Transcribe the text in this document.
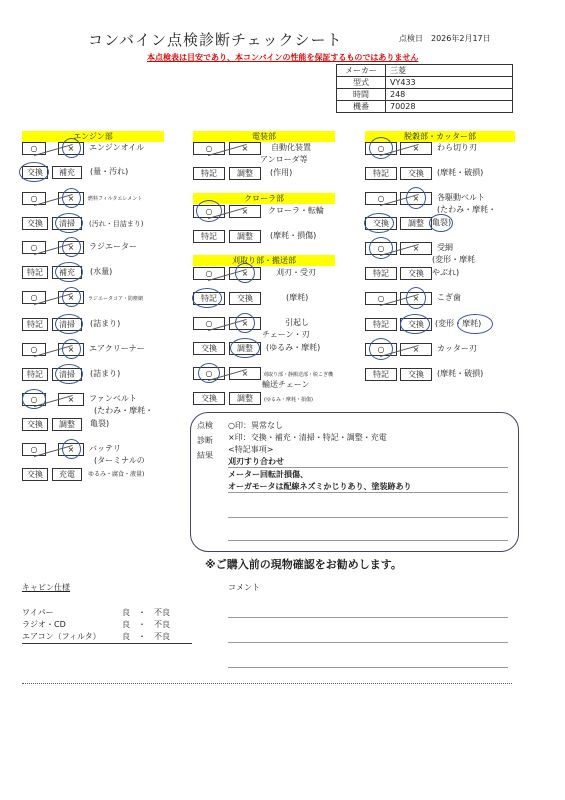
コンバイン点検診断チェックシート	点検日　 2026年2月17日
本点検表は目安であり、本コンバインの性能を保証するものではありません
メーカー	三菱
型式	VY433
時間	248
機番	70028
エンジン部	電装部
クローラ部
刈取り部・搬送部
脱穀部・カッター部
○	×	エンジンオイル
交換	補充	(量・汚れ)
○	×	燃料フィルタエレメント
交換	清掃	(汚れ・目詰まり)
○	×	ラジエーター
特記	補充	(水量)
○	×	ラジエータコア・防塵網
特記	清掃	(詰まり)
○	×	エアクリーナー
特記	清掃	(詰まり)
○	×	ファンベルト
(たわみ・摩耗・
交換	調整	亀裂)
○	×	バッテリ
(ターミナルの
交換	充電	ゆるみ・腐食・液量)
○	×	自動化装置
アンローダ等
特記	調整	(作用)
○	×	クローラ・転輪
特記	調整	(摩耗・損傷)
○	×	刈刃・受刃
特記	交換	(摩耗)
○	×	引起し
チェーン・刃
交換	調整	(ゆるみ・摩耗)
○	×	刈取り部・静搬送部・脱こぎ機
輸送チェーン
交換	調整	(ゆるみ・摩耗・損傷)
○	×	わら切り刃
特記	交換	(摩耗・破損)
○	×	各駆動ベルト
(たわみ・摩耗・
交換	調整	亀裂)
○	×	受網
(変形・摩耗
特記	交換	やぶれ)
○	×	こぎ歯
特記	交換	(変形・摩耗)
○	×	カッター刃
特記	交換	(摩耗・破損)
点検
診断
結果
○印：異常なし
×印：交換・補充・清掃・特記・調整・充電
<特記事項>
刈刃すり合わせ
メーター回転計損傷、
オーガモータは配線ネズミかじりあり、塗装跡あり
※ご購入前の現物確認をお勧めします。
キャビン仕様
ワイパー	良　・　不良
ラジオ・CD	良　・　不良
エアコン（フィルタ）	良　・　不良
コメント
